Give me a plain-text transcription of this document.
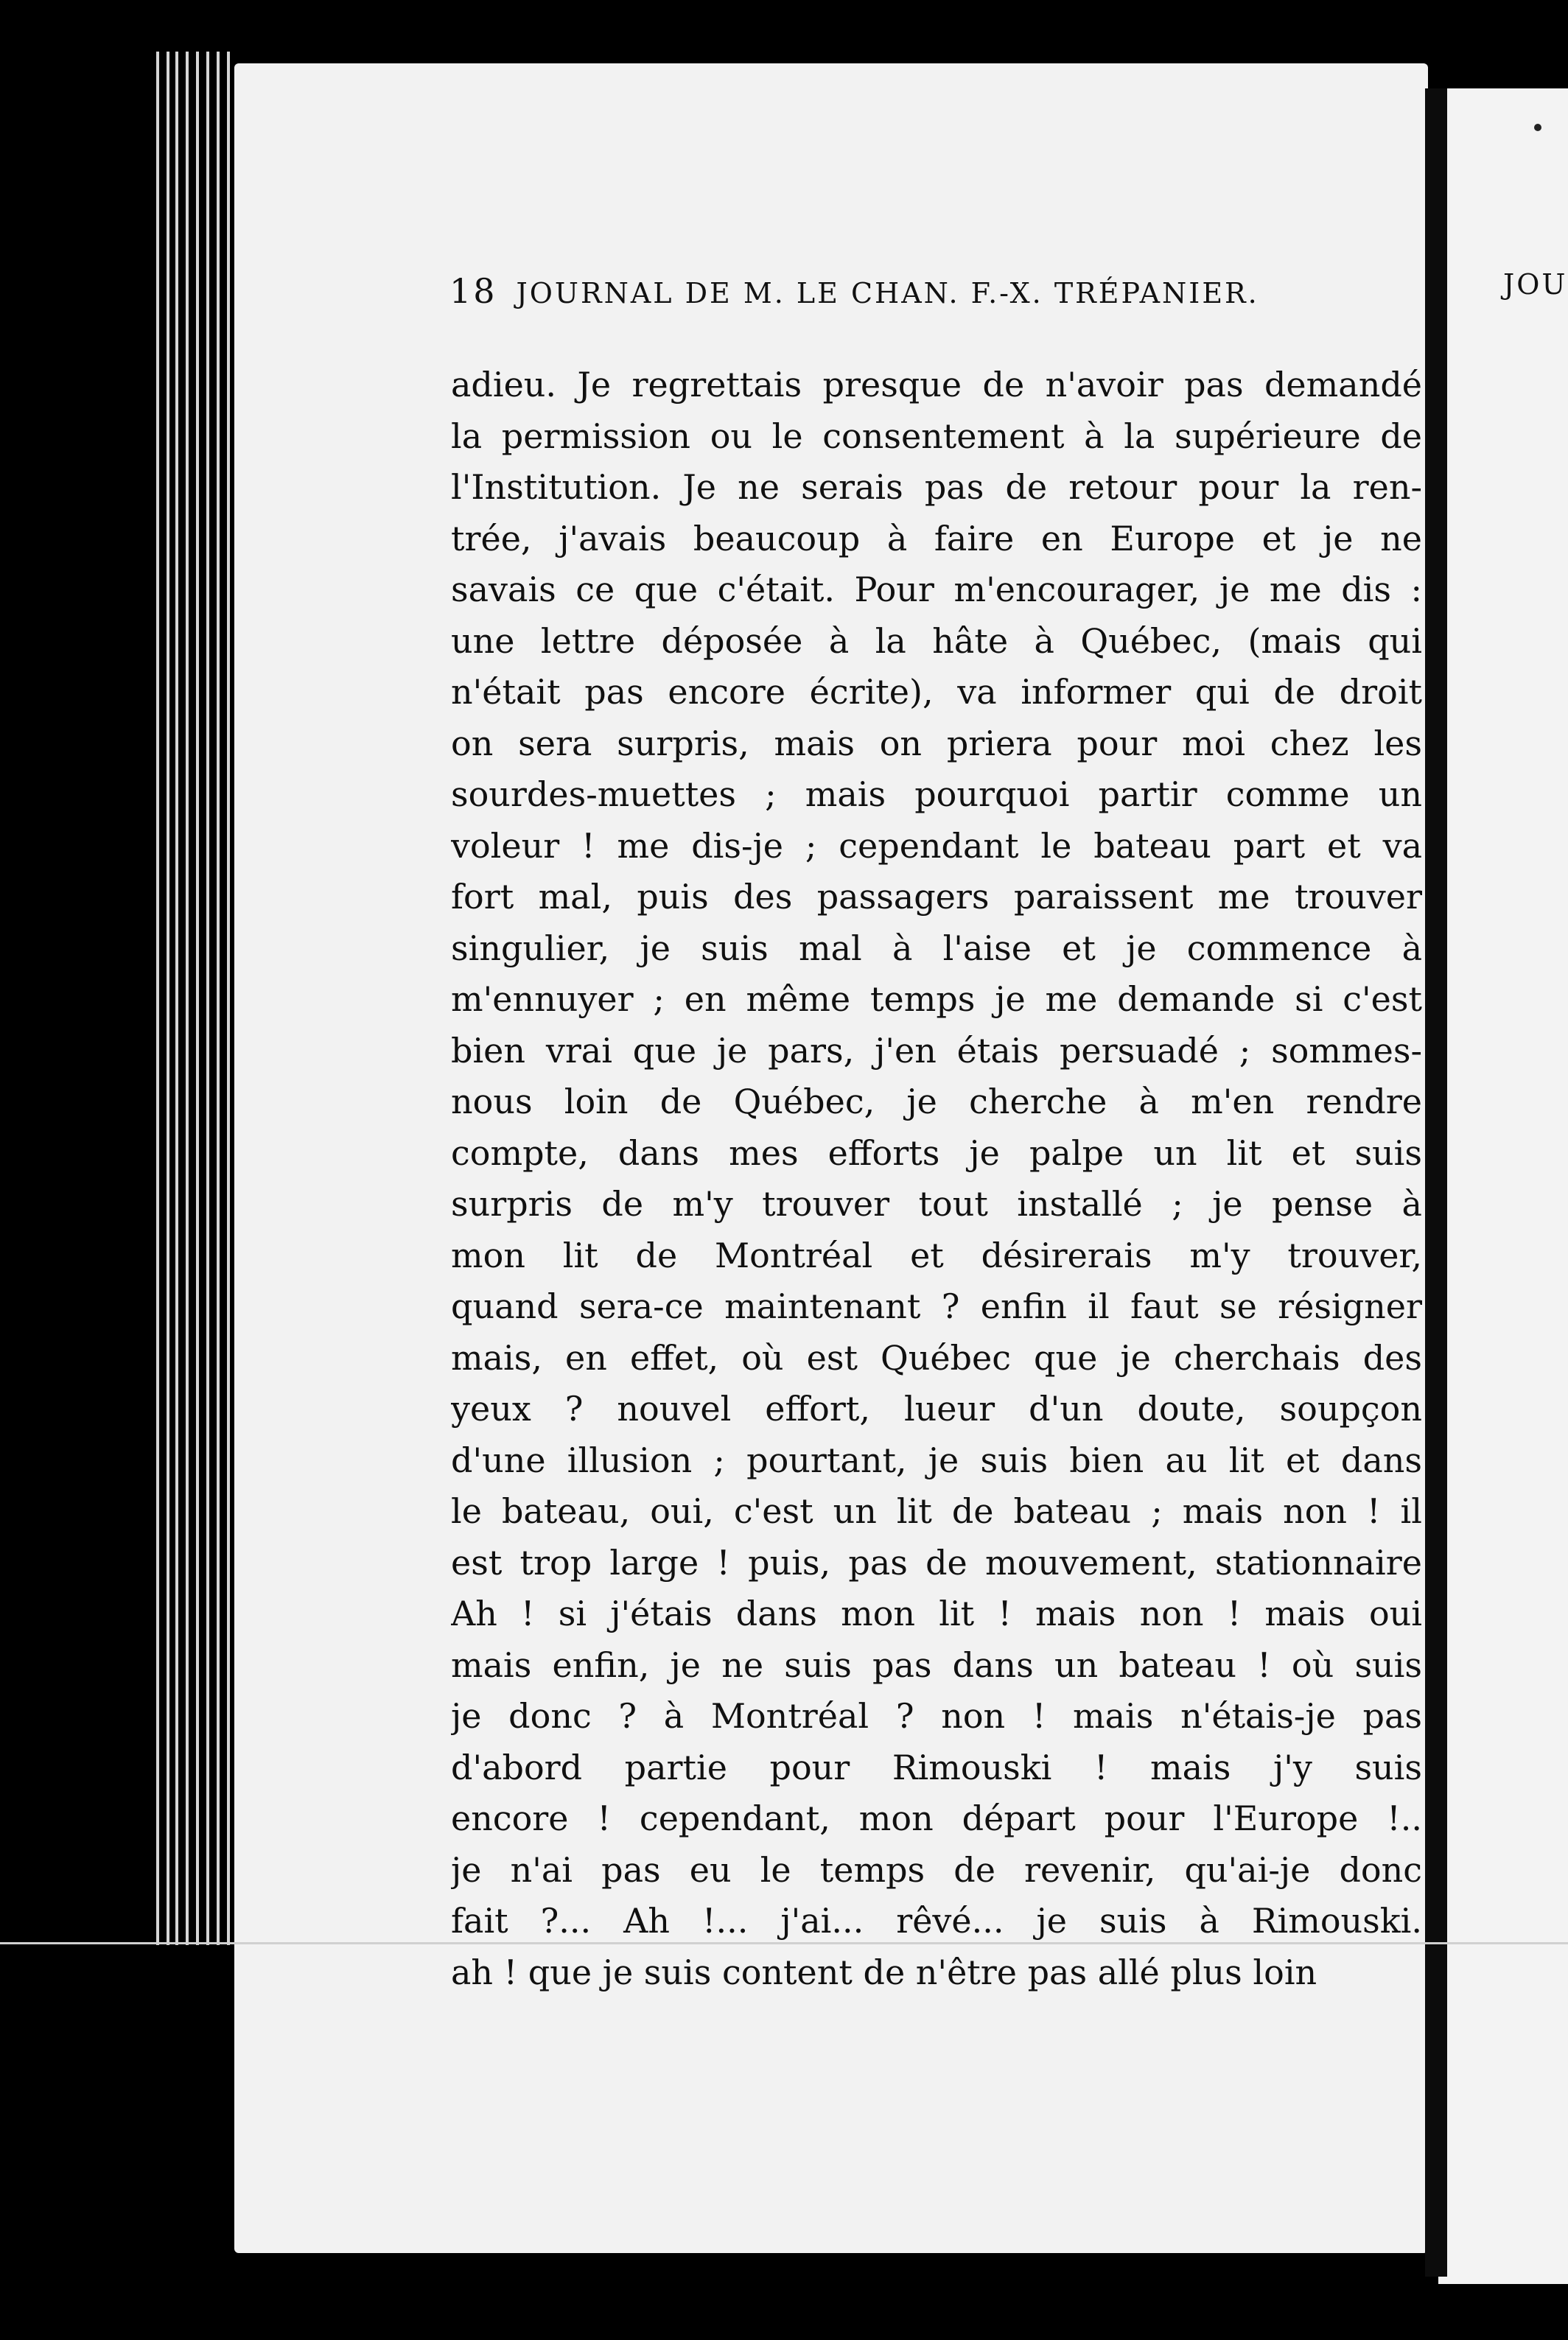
18 JOURNAL DE M. LE CHAN. F.-X. TRÉPANIER.
adieu. Je regrettais presque de n'avoir pas demandé
la permission ou le consentement à la supérieure de
l'Institution. Je ne serais pas de retour pour la ren-
trée, j'avais beaucoup à faire en Europe et je ne
savais ce que c'était. Pour m'encourager, je me dis :
une lettre déposée à la hâte à Québec, (mais qui
n'était pas encore écrite), va informer qui de droit
on sera surpris, mais on priera pour moi chez les
sourdes-muettes ; mais pourquoi partir comme un
voleur ! me dis-je ; cependant le bateau part et va
fort mal, puis des passagers paraissent me trouver
singulier, je suis mal à l'aise et je commence à
m'ennuyer ; en même temps je me demande si c'est
bien vrai que je pars, j'en étais persuadé ; sommes-
nous loin de Québec, je cherche à m'en rendre
compte, dans mes efforts je palpe un lit et suis
surpris de m'y trouver tout installé ; je pense à
mon lit de Montréal et désirerais m'y trouver,
quand sera-ce maintenant ? enfin il faut se résigner
mais, en effet, où est Québec que je cherchais des
yeux ? nouvel effort, lueur d'un doute, soupçon
d'une illusion ; pourtant, je suis bien au lit et dans
le bateau, oui, c'est un lit de bateau ; mais non ! il
est trop large ! puis, pas de mouvement, stationnaire
Ah ! si j'étais dans mon lit ! mais non ! mais oui
mais enfin, je ne suis pas dans un bateau ! où suis
je donc ? à Montréal ? non ! mais n'étais-je pas
d'abord partie pour Rimouski ! mais j'y suis
encore ! cependant, mon départ pour l'Europe !..
je n'ai pas eu le temps de revenir, qu'ai-je donc
fait ?... Ah !... j'ai... rêvé... je suis à Rimouski.
ah ! que je suis content de n'être pas allé plus loin
JOU
